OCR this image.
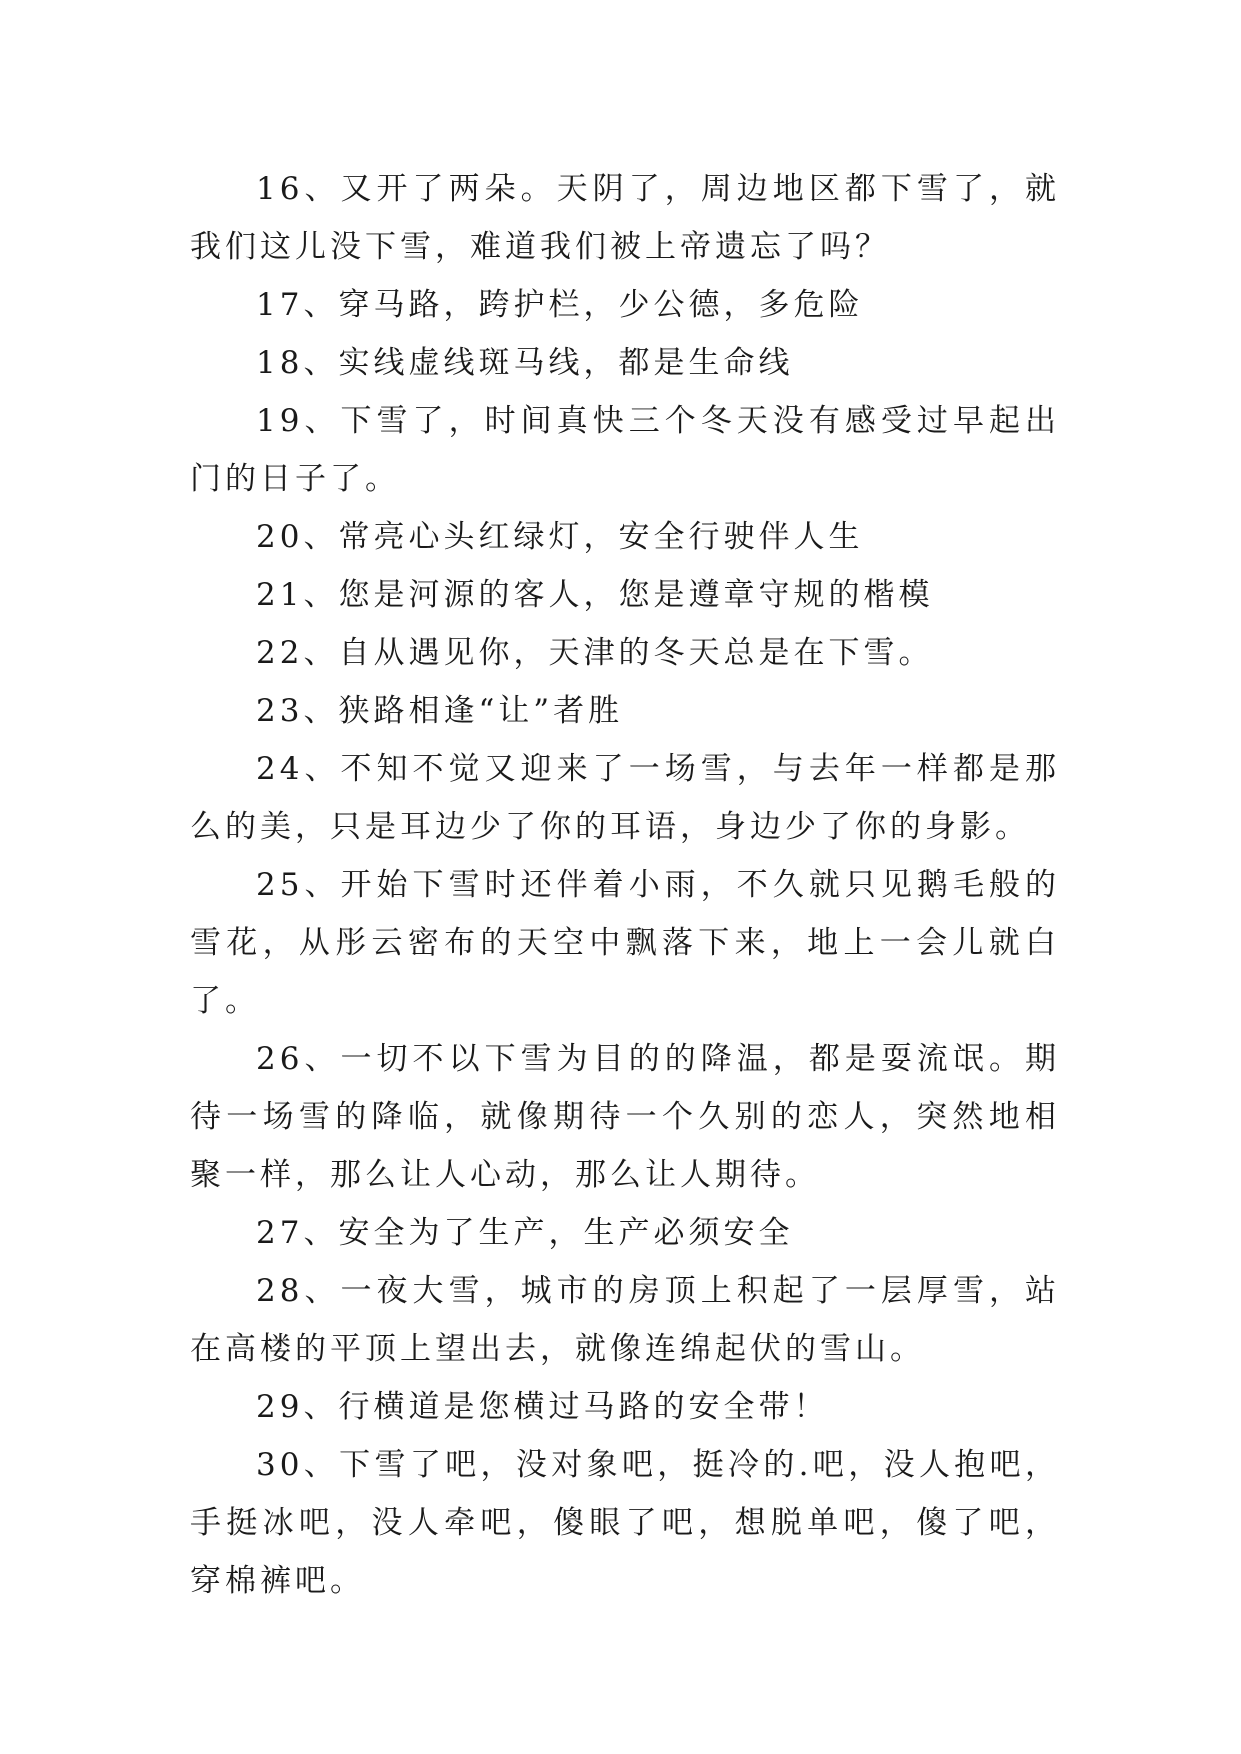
16、又开了两朵。天阴了，周边地区都下雪了，就我们这儿没下雪，难道我们被上帝遗忘了吗？

17、穿马路，跨护栏，少公德，多危险

18、实线虚线斑马线，都是生命线

19、下雪了，时间真快三个冬天没有感受过早起出门的日子了。

20、常亮心头红绿灯，安全行驶伴人生

21、您是河源的客人，您是遵章守规的楷模

22、自从遇见你，天津的冬天总是在下雪。

23、狭路相逢“让”者胜

24、不知不觉又迎来了一场雪，与去年一样都是那么的美，只是耳边少了你的耳语，身边少了你的身影。

25、开始下雪时还伴着小雨，不久就只见鹅毛般的雪花，从彤云密布的天空中飘落下来，地上一会儿就白了。

26、一切不以下雪为目的的降温，都是耍流氓。期待一场雪的降临，就像期待一个久别的恋人，突然地相聚一样，那么让人心动，那么让人期待。

27、安全为了生产，生产必须安全

28、一夜大雪，城市的房顶上积起了一层厚雪，站在高楼的平顶上望出去，就像连绵起伏的雪山。

29、行横道是您横过马路的安全带！

30、下雪了吧，没对象吧，挺冷的.吧，没人抱吧，手挺冰吧，没人牵吧，傻眼了吧，想脱单吧，傻了吧，穿棉裤吧。
